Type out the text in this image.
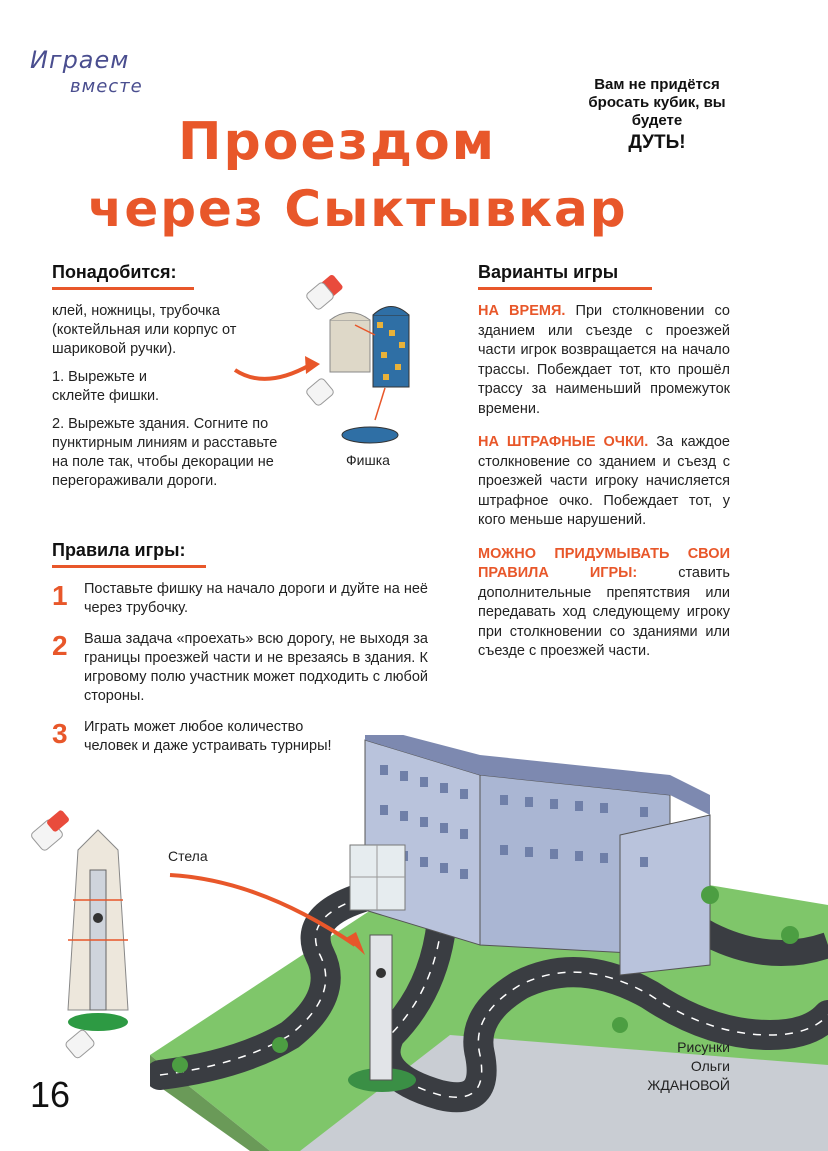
Играем
вместе
Проездом
через Сыктывкар
Вам не придётся бросать кубик, вы будете
ДУТЬ!
Понадобится:

клей, ножницы, трубочка (коктейльная или корпус от шариковой ручки).

1. Вырежьте и склейте фишки.

2. Вырежьте здания. Согните по пунктирным линиям и расставьте на поле так, чтобы декорации не перегораживали дороги.

Фишка
Варианты игры

НА ВРЕМЯ. При столкновении со зданием или съезде с проезжей части игрок возвращается на начало трассы. Побеждает тот, кто прошёл трассу за наименьший промежуток времени.

НА ШТРАФНЫЕ ОЧКИ. За каждое столкновение со зданием и съезд с проезжей части игроку начисляется штрафное очко. Побеждает тот, у кого меньше нарушений.

МОЖНО ПРИДУМЫВАТЬ СВОИ ПРАВИЛА ИГРЫ: ставить дополнительные препятствия или передавать ход следующему игроку при столкновении со зданиями или съезде с проезжей части.

Правила игры:
1 Поставьте фишку на начало дороги и дуйте на неё через трубочку.
2 Ваша задача «проехать» всю дорогу, не выходя за границы проезжей части и не врезаясь в здания. К игровому полю участник может подходить с любой стороны.
3 Играть может любое количество человек и даже устраивать турниры!
Стела
Рисунки
Ольги
ЖДАНОВОЙ
16
